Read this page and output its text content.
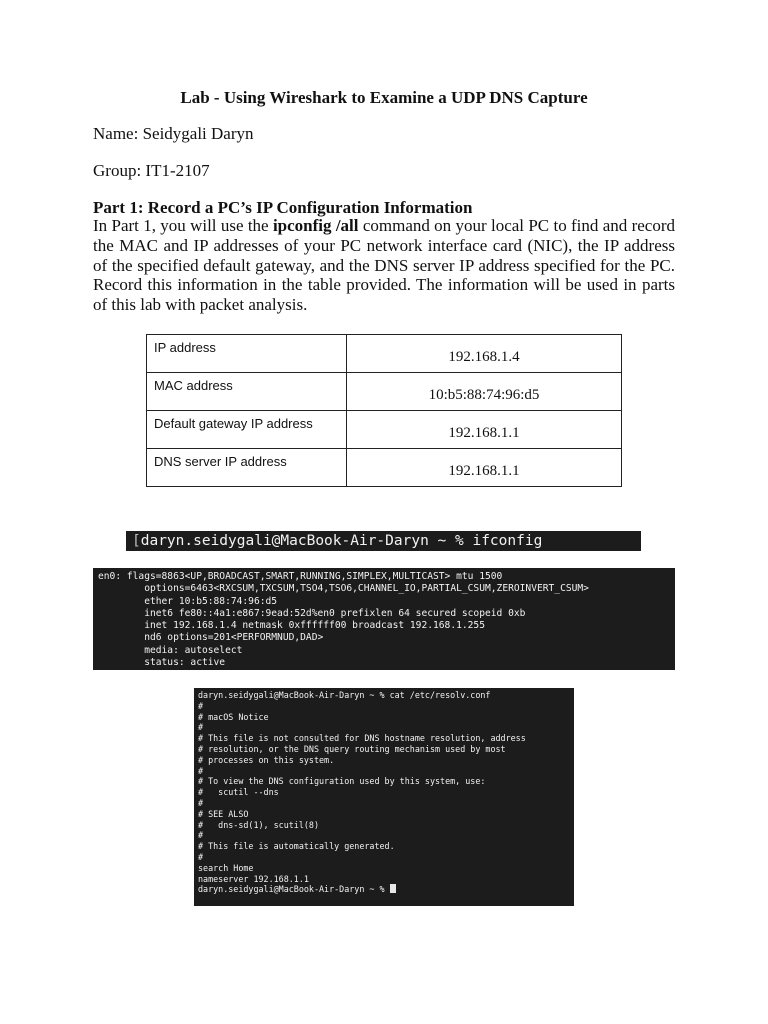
Lab - Using Wireshark to Examine a UDP DNS Capture
Name: Seidygali Daryn
Group: IT1-2107
Part 1: Record a PC’s IP Configuration Information
In Part 1, you will use the ipconfig /all command on your local PC to find and record the MAC and IP addresses of your PC network interface card (NIC), the IP address of the specified default gateway, and the DNS server IP address specified for the PC. Record this information in the table provided. The information will be used in parts of this lab with packet analysis.
IP address	192.168.1.4
MAC address	10:b5:88:74:96:d5
Default gateway IP address	192.168.1.1
DNS server IP address	192.168.1.1
[daryn.seidygali@MacBook-Air-Daryn ~ % ifconfig
en0: flags=8863<UP,BROADCAST,SMART,RUNNING,SIMPLEX,MULTICAST> mtu 1500
options=6463<RXCSUM,TXCSUM,TSO4,TSO6,CHANNEL_IO,PARTIAL_CSUM,ZEROINVERT_CSUM>
ether 10:b5:88:74:96:d5
inet6 fe80::4a1:e867:9ead:52d%en0 prefixlen 64 secured scopeid 0xb
inet 192.168.1.4 netmask 0xffffff00 broadcast 192.168.1.255
nd6 options=201<PERFORMNUD,DAD>
media: autoselect
status: active
daryn.seidygali@MacBook-Air-Daryn ~ % cat /etc/resolv.conf
#
# macOS Notice
#
# This file is not consulted for DNS hostname resolution, address
# resolution, or the DNS query routing mechanism used by most
# processes on this system.
#
# To view the DNS configuration used by this system, use:
#   scutil --dns
#
# SEE ALSO
#   dns-sd(1), scutil(8)
#
# This file is automatically generated.
#
search Home
nameserver 192.168.1.1
daryn.seidygali@MacBook-Air-Daryn ~ %
